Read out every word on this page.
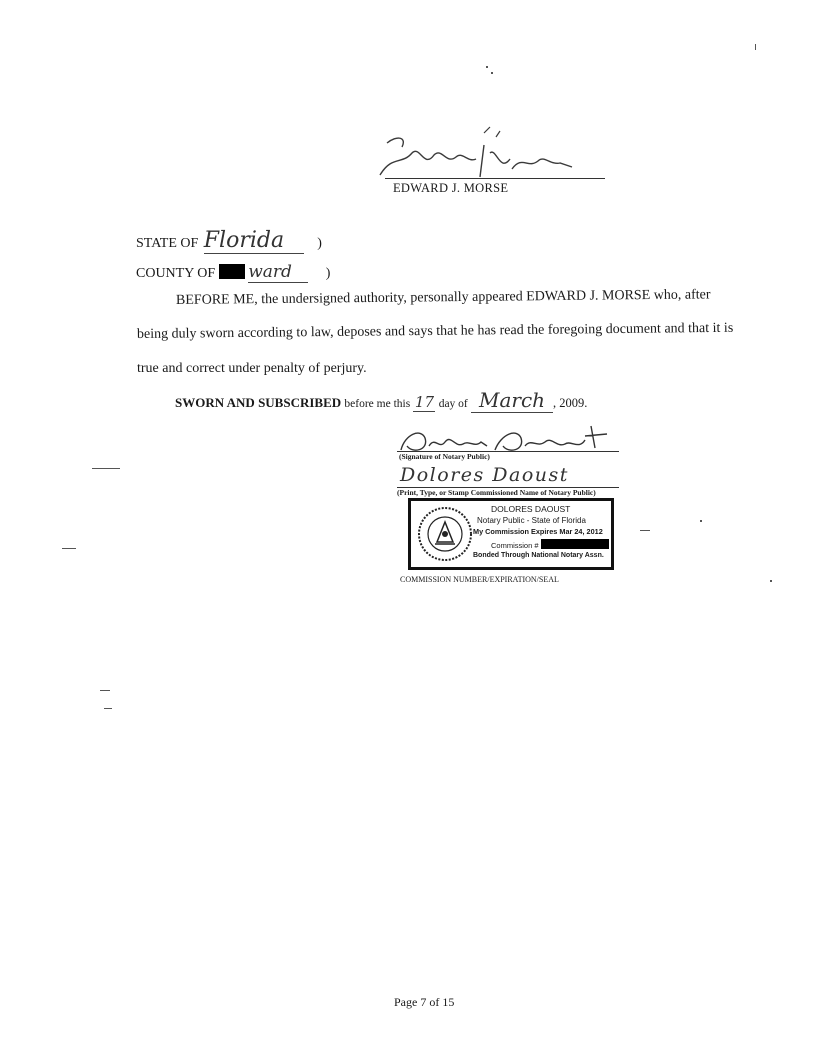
EDWARD J. MORSE
STATE OF Florida )
COUNTY OF ward )
BEFORE ME, the undersigned authority, personally appeared EDWARD J. MORSE who, after
being duly sworn according to law, deposes and says that he has read the foregoing document and that it is
true and correct under penalty of perjury.
SWORN AND SUBSCRIBED before me this 17 day of March , 2009.
(Signature of Notary Public)
Dolores Daoust
(Print, Type, or Stamp Commissioned Name of Notary Public)
DOLORES DAOUST
Notary Public - State of Florida
My Commission Expires Mar 24, 2012
Commission #
Bonded Through National Notary Assn.
COMMISSION NUMBER/EXPIRATION/SEAL
Page 7 of 15
